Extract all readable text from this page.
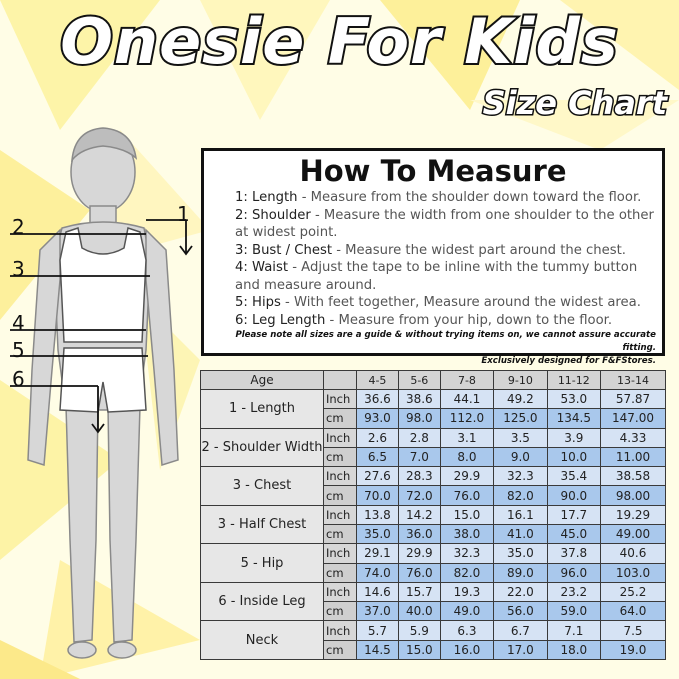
Onesie For Kids
Size Chart
1
2
3
4
5
6
How To Measure
1: Length - Measure from the shoulder down toward the floor.
2: Shoulder - Measure the width from one shoulder to the other at widest point.
3: Bust / Chest - Measure the widest part around the chest.
4: Waist - Adjust the tape to be inline with the tummy button and measure around.
5: Hips - With feet together, Measure around the widest area.
6: Leg Length - Measure from your hip, down to the floor.
Please note all sizes are a guide & without trying items on, we cannot assure accurate fitting.
Exclusively designed for F&FStores.
Age		4-5	5-6	7-8	9-10	11-12	13-14
1 - Length	Inch	36.6	38.6	44.1	49.2	53.0	57.87
	cm	93.0	98.0	112.0	125.0	134.5	147.00
2 - Shoulder Width	Inch	2.6	2.8	3.1	3.5	3.9	4.33
	cm	6.5	7.0	8.0	9.0	10.0	11.00
3 - Chest	Inch	27.6	28.3	29.9	32.3	35.4	38.58
	cm	70.0	72.0	76.0	82.0	90.0	98.00
3 - Half Chest	Inch	13.8	14.2	15.0	16.1	17.7	19.29
	cm	35.0	36.0	38.0	41.0	45.0	49.00
5 - Hip	Inch	29.1	29.9	32.3	35.0	37.8	40.6
	cm	74.0	76.0	82.0	89.0	96.0	103.0
6 - Inside Leg	Inch	14.6	15.7	19.3	22.0	23.2	25.2
	cm	37.0	40.0	49.0	56.0	59.0	64.0
Neck	Inch	5.7	5.9	6.3	6.7	7.1	7.5
	cm	14.5	15.0	16.0	17.0	18.0	19.0
